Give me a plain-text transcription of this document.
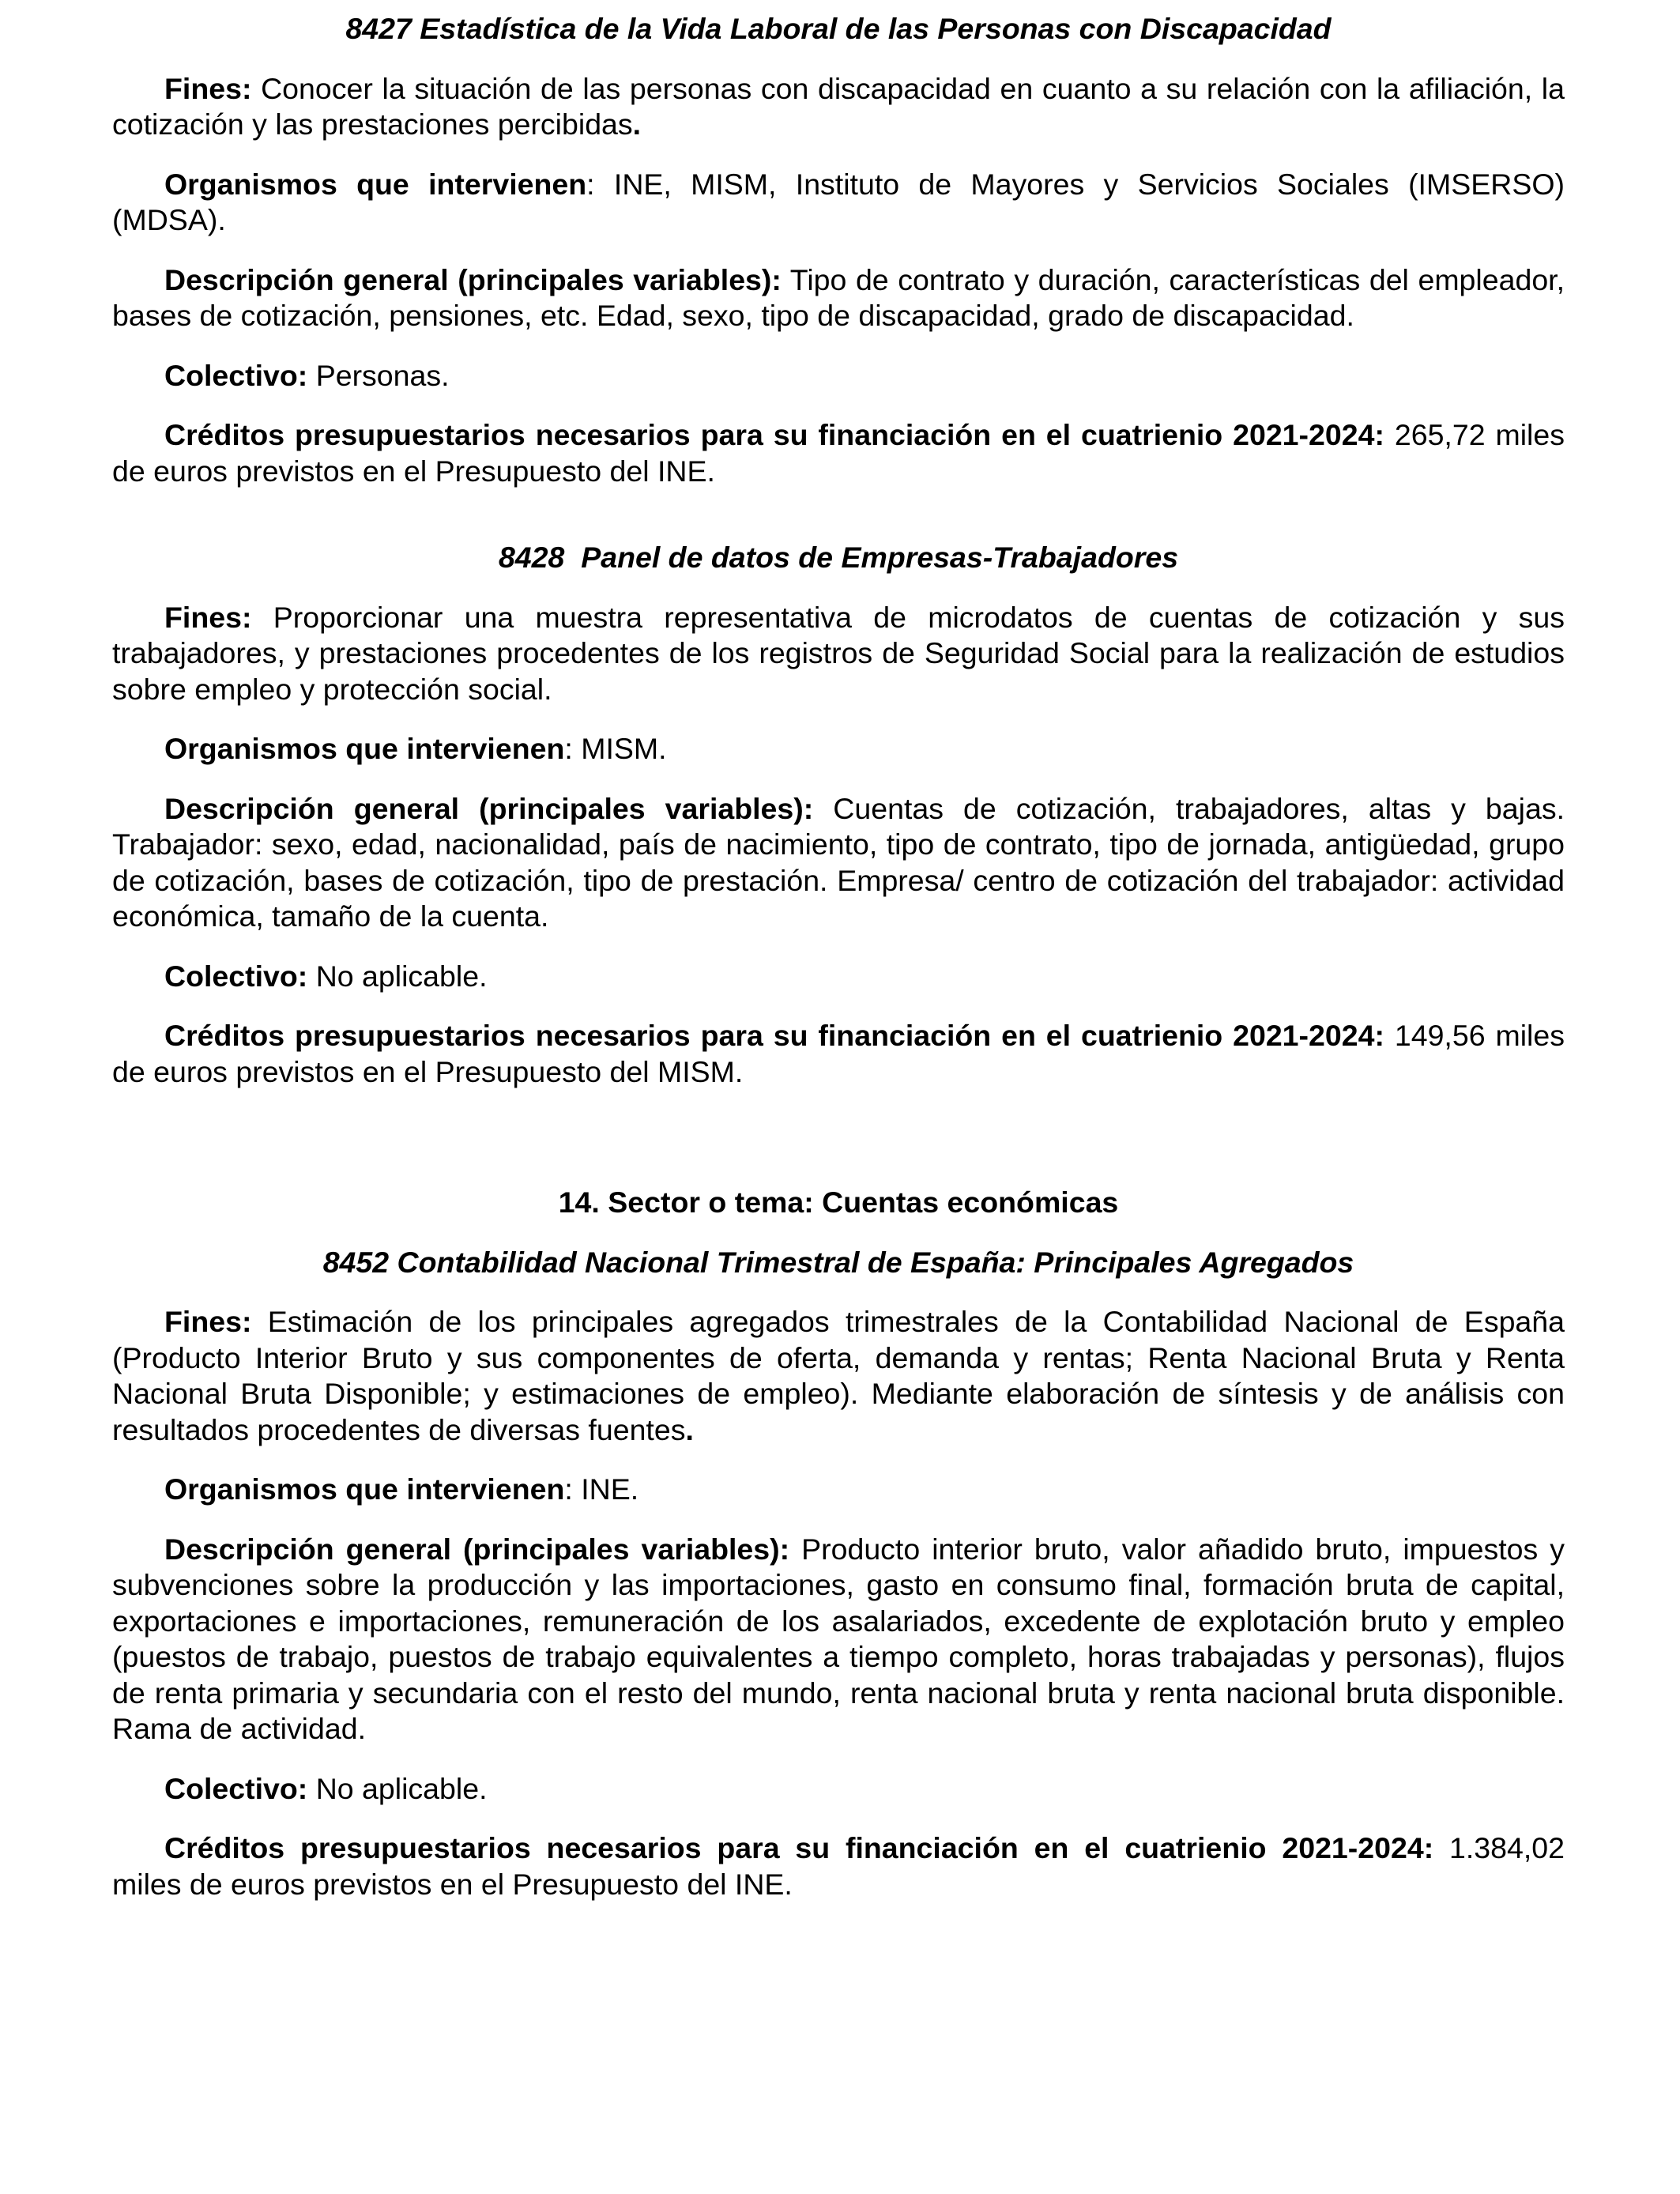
8427 Estadística de la Vida Laboral de las Personas con Discapacidad

Fines: Conocer la situación de las personas con discapacidad en cuanto a su relación con la afiliación, la cotización y las prestaciones percibidas.

Organismos que intervienen: INE, MISM, Instituto de Mayores y Servicios Sociales (IMSERSO) (MDSA).

Descripción general (principales variables): Tipo de contrato y duración, características del empleador, bases de cotización, pensiones, etc. Edad, sexo, tipo de discapacidad, grado de discapacidad.

Colectivo: Personas.

Créditos presupuestarios necesarios para su financiación en el cuatrienio 2021-2024: 265,72 miles de euros previstos en el Presupuesto del INE.

8428  Panel de datos de Empresas-Trabajadores

Fines: Proporcionar una muestra representativa de microdatos de cuentas de cotización y sus trabajadores, y prestaciones procedentes de los registros de Seguridad Social para la realización de estudios sobre empleo y protección social.

Organismos que intervienen: MISM.

Descripción general (principales variables): Cuentas de cotización, trabajadores, altas y bajas. Trabajador: sexo, edad, nacionalidad, país de nacimiento, tipo de contrato, tipo de jornada, antigüedad, grupo de cotización, bases de cotización, tipo de prestación. Empresa/ centro de cotización del trabajador: actividad económica, tamaño de la cuenta.

Colectivo: No aplicable.

Créditos presupuestarios necesarios para su financiación en el cuatrienio 2021-2024: 149,56 miles de euros previstos en el Presupuesto del MISM.

14. Sector o tema: Cuentas económicas
8452 Contabilidad Nacional Trimestral de España: Principales Agregados

Fines: Estimación de los principales agregados trimestrales de la Contabilidad Nacional de España (Producto Interior Bruto y sus componentes de oferta, demanda y rentas; Renta Nacional Bruta y Renta Nacional Bruta Disponible; y estimaciones de empleo). Mediante elaboración de síntesis y de análisis con resultados procedentes de diversas fuentes.

Organismos que intervienen: INE.

Descripción general (principales variables): Producto interior bruto, valor añadido bruto, impuestos y subvenciones sobre la producción y las importaciones, gasto en consumo final, formación bruta de capital, exportaciones e importaciones, remuneración de los asalariados, excedente de explotación bruto y empleo (puestos de trabajo, puestos de trabajo equivalentes a tiempo completo, horas trabajadas y personas), flujos de renta primaria y secundaria con el resto del mundo, renta nacional bruta y renta nacional bruta disponible. Rama de actividad.

Colectivo: No aplicable.

Créditos presupuestarios necesarios para su financiación en el cuatrienio 2021-2024: 1.384,02 miles de euros previstos en el Presupuesto del INE.
